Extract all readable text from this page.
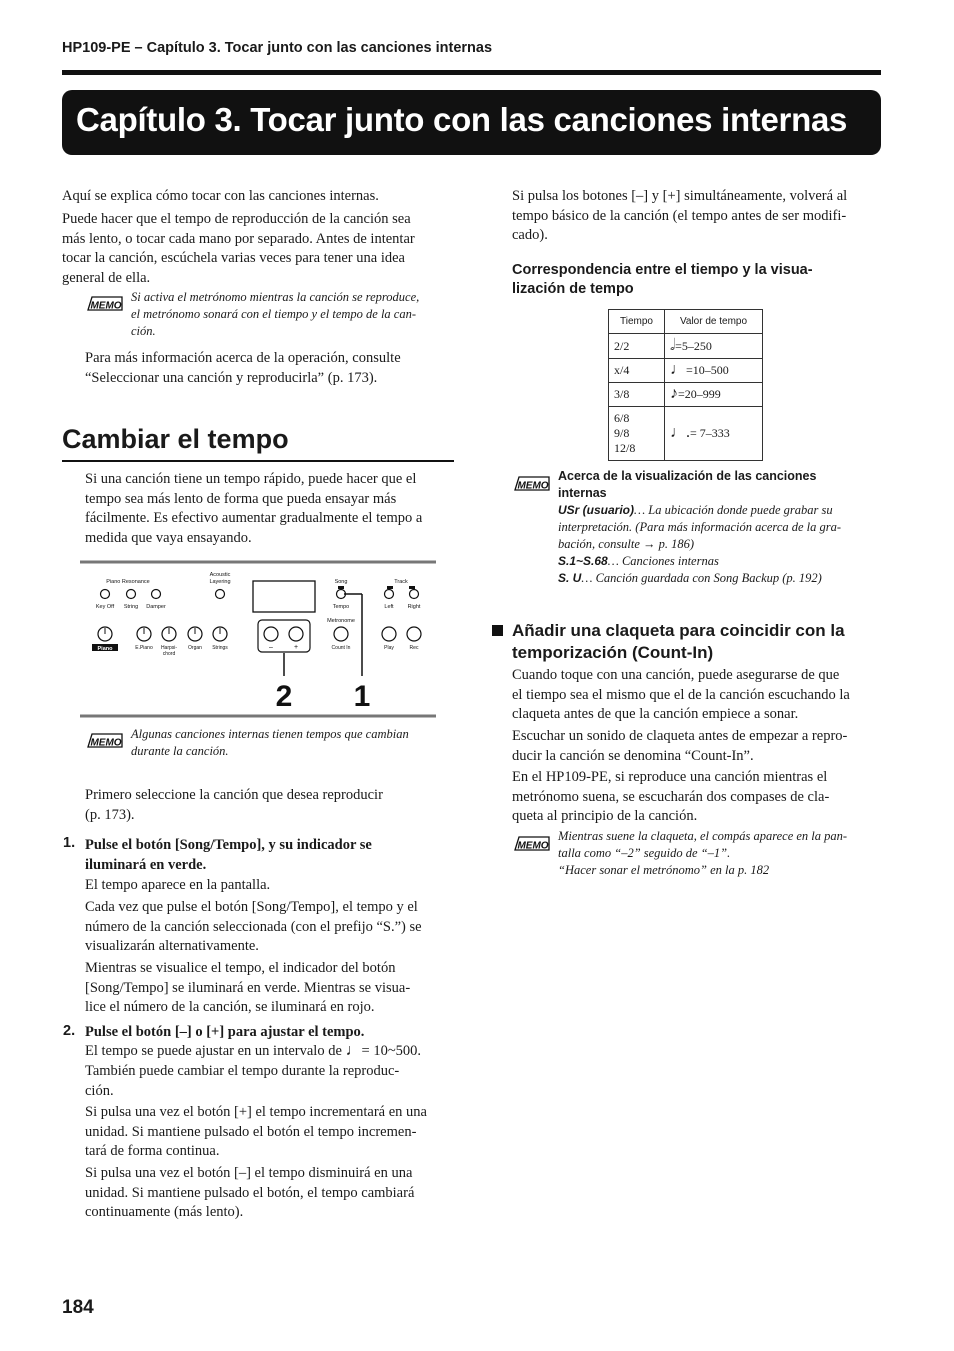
HP109-PE – Capítulo 3. Tocar junto con las canciones internas
Capítulo 3. Tocar junto con las canciones internas
Aquí se explica cómo tocar con las canciones internas.
Puede hacer que el tempo de reproducción de la canción sea
más lento, o tocar cada mano por separado. Antes de intentar
tocar la canción, escúchela varias veces para tener una idea
general de ella.
MEMO
Si activa el metrónomo mientras la canción se reproduce,
el metrónomo sonará con el tiempo y el tempo de la can-
ción.
Para más información acerca de la operación, consulte
“Seleccionar una canción y reproducirla” (p. 173).
Cambiar el tempo
Si una canción tiene un tempo rápido, puede hacer que el
tempo sea más lento de forma que pueda ensayar más
fácilmente. Es efectivo aumentar gradualmente el tempo a
medida que vaya ensayando.
Piano Resonance
Acoustic
Layering	Song	Track
Key Off String Damper	Tempo	Left	Right
Metronome
Piano	E.Piano Harpsi-
chord
Organ Strings	–	+	Count In	Play	Rec
2 1
MEMO
Algunas canciones internas tienen tempos que cambian
durante la canción.
Primero seleccione la canción que desea reproducir
(p. 173).
1. Pulse el botón [Song/Tempo], y su indicador se
iluminará en verde.
El tempo aparece en la pantalla.
Cada vez que pulse el botón [Song/Tempo], el tempo y el
número de la canción seleccionada (con el prefijo “S.”) se
visualizarán alternativamente.
Mientras se visualice el tempo, el indicador del botón
[Song/Tempo] se iluminará en verde. Mientras se visua-
lice el número de la canción, se iluminará en rojo.
2. Pulse el botón [–] o [+] para ajustar el tempo.
El tempo se puede ajustar en un intervalo de ♩= 10~500.
También puede cambiar el tempo durante la reproduc-
ción.
Si pulsa una vez el botón [+] el tempo incrementará en una
unidad. Si mantiene pulsado el botón el tempo incremen-
tará de forma continua.
Si pulsa una vez el botón [–] el tempo disminuirá en una
unidad. Si mantiene pulsado el botón, el tempo cambiará
continuamente (más lento).
Si pulsa los botones [–] y [+] simultáneamente, volverá al
tempo básico de la canción (el tempo antes de ser modifi-
cado).
Correspondencia entre el tiempo y la visua-
lización de tempo
Tiempo	Valor de tempo
2/2	𝅗𝅥=5–250
x/4	♩=10–500
3/8	♪=20–999

6/8
9/8
12/8	♩.= 7–333
MEMO
Acerca de la visualización de las canciones
internas
USr (usuario)… La ubicación donde puede grabar su
interpretación. (Para más información acerca de la gra-
bación, consulte → p. 186)
S.1~S.68… Canciones internas
S. U… Canción guardada con Song Backup (p. 192)
Añadir una claqueta para coincidir con la
temporización (Count-In)
Cuando toque con una canción, puede asegurarse de que
el tiempo sea el mismo que el de la canción escuchando la
claqueta antes de que la canción empiece a sonar.
Escuchar un sonido de claqueta antes de empezar a repro-
ducir la canción se denomina “Count-In”.
En el HP109-PE, si reproduce una canción mientras el
metrónomo suena, se escucharán dos compases de cla-
queta al principio de la canción.
MEMO
Mientras suene la claqueta, el compás aparece en la pan-
talla como “–2” seguido de “–1”.
“Hacer sonar el metrónomo” en la p. 182
184
